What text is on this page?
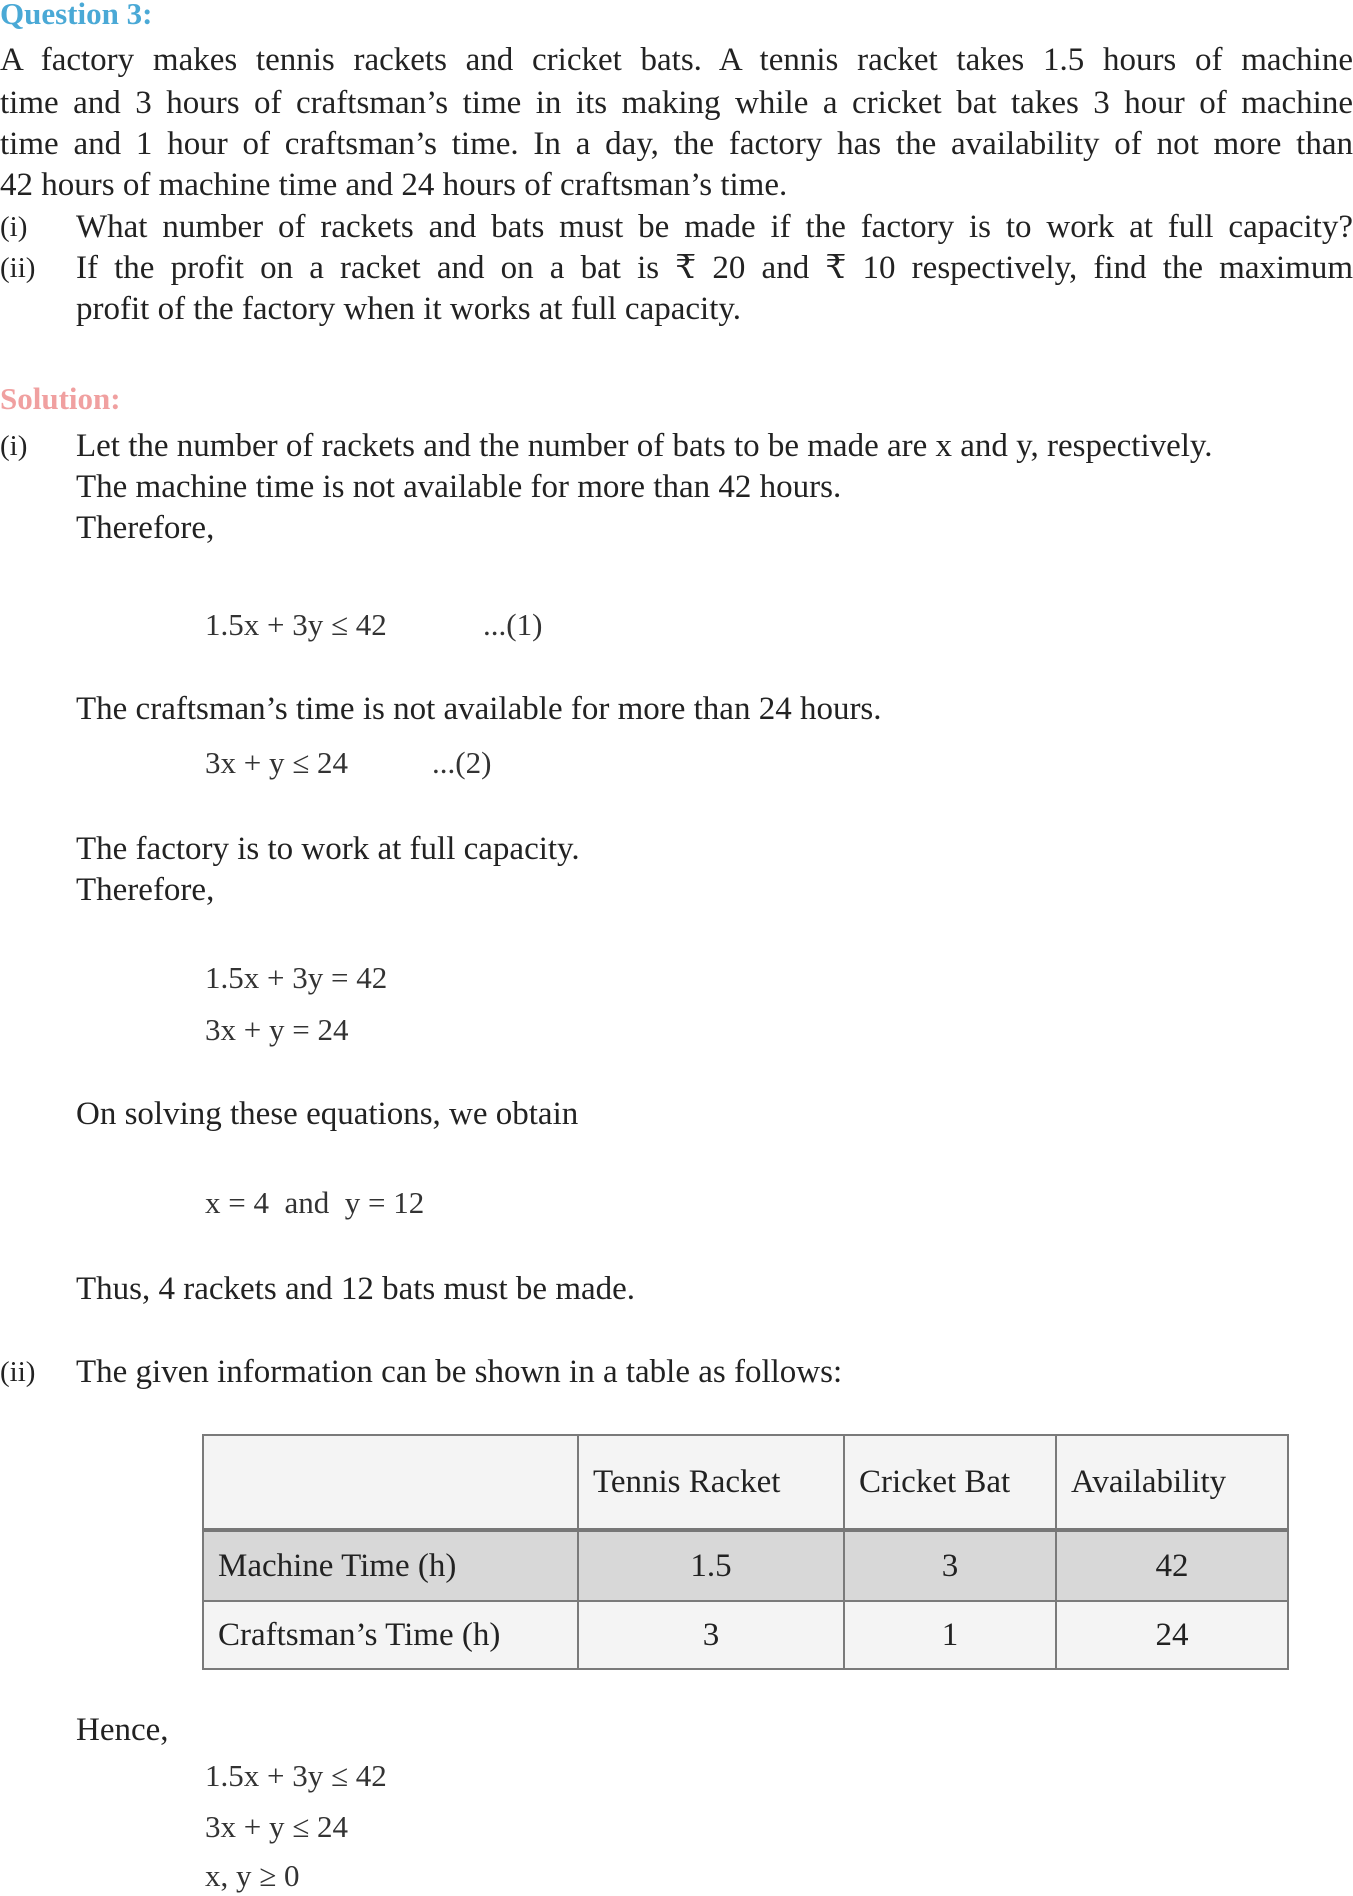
Question 3:
A factory makes tennis rackets and cricket bats. A tennis racket takes 1.5 hours of machine
time and 3 hours of craftsman’s time in its making while a cricket bat takes 3 hour of machine
time and 1 hour of craftsman’s time. In a day, the factory has the availability of not more than
42 hours of machine time and 24 hours of craftsman’s time.
(i) What number of rackets and bats must be made if the factory is to work at full capacity?
(ii) If the profit on a racket and on a bat is ₹ 20 and ₹ 10 respectively, find the maximum
profit of the factory when it works at full capacity.
Solution:
(i) Let the number of rackets and the number of bats to be made are x and y, respectively.
The machine time is not available for more than 42 hours.
Therefore,
1.5x + 3y ≤ 42	...(1)
The craftsman’s time is not available for more than 24 hours.
3x + y ≤ 24	...(2)
The factory is to work at full capacity.
Therefore,
1.5x + 3y = 42
3x + y = 24
On solving these equations, we obtain
x = 4  and  y = 12
Thus, 4 rackets and 12 bats must be made.
(ii) The given information can be shown in a table as follows:
	Tennis Racket	Cricket Bat	Availability
Machine Time (h)	1.5	3	42
Craftsman’s Time (h)	3	1	24
Hence,
1.5x + 3y ≤ 42
3x + y ≤ 24
x, y ≥ 0
